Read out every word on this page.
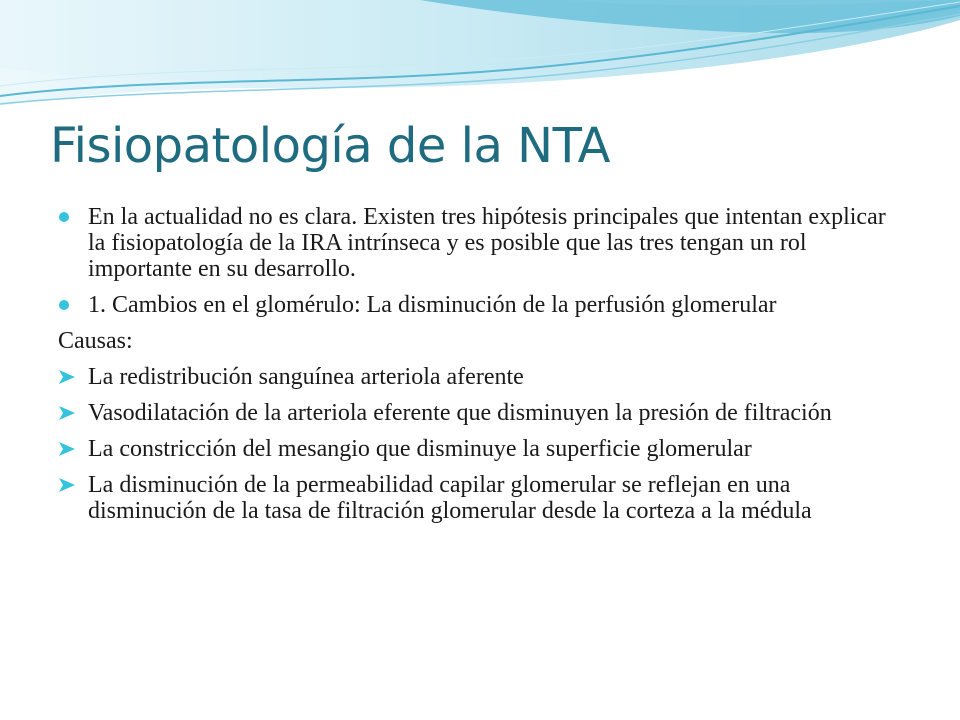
Fisiopatología de la NTA
En la actualidad no es clara. Existen tres hipótesis principales que intentan explicar la fisiopatología de la IRA intrínseca y es posible que las tres tengan un rol importante en su desarrollo.
1. Cambios en el glomérulo: La disminución de la perfusión glomerular
Causas:
La redistribución sanguínea arteriola aferente
Vasodilatación de la arteriola eferente que disminuyen la presión de filtración
La constricción del mesangio que disminuye la superficie glomerular
La disminución de la permeabilidad capilar glomerular se reflejan en una disminución de la tasa de filtración glomerular desde la corteza a la médula
